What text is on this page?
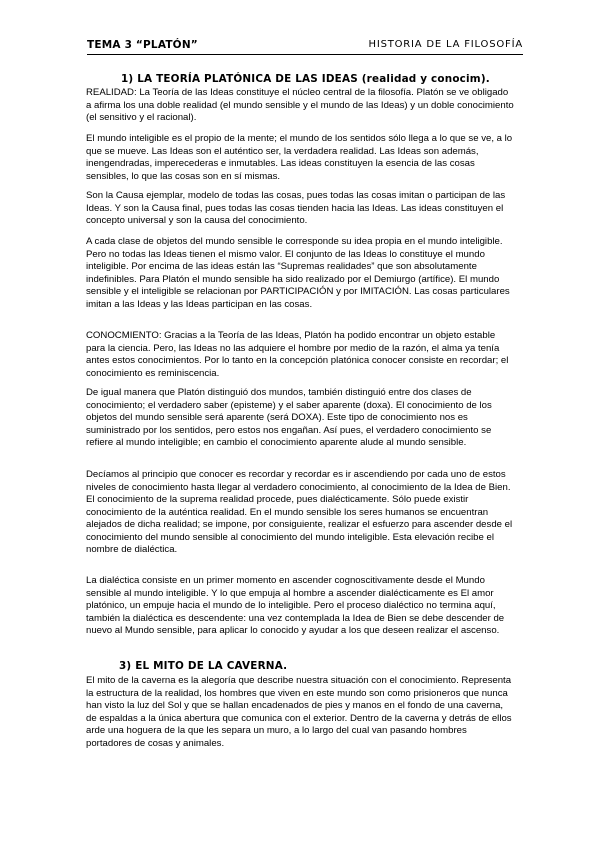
TEMA 3 “PLATÓN”	HISTORIA DE LA FILOSOFÍA
1) LA TEORÍA PLATÓNICA DE LAS IDEAS (realidad y conocim).

REALIDAD: La Teoría de las Ideas constituye el núcleo central de la filosofía. Platón se ve obligado a afirma los una doble realidad (el mundo sensible y el mundo de las Ideas) y un doble conocimiento (el sensitivo y el racional).

El mundo inteligible es el propio de la mente; el mundo de los sentidos sólo llega a lo que se ve, a lo que se mueve. Las Ideas son el auténtico ser, la verdadera realidad. Las Ideas son además, inengendradas, imperecederas e inmutables. Las ideas constituyen la esencia de las cosas sensibles, lo que las cosas son en sí mismas.

Son la Causa ejemplar, modelo de todas las cosas, pues todas las cosas imitan o participan de las Ideas. Y son la Causa final, pues todas las cosas tienden hacia las Ideas. Las ideas constituyen el concepto universal y son la causa del conocimiento.

A cada clase de objetos del mundo sensible le corresponde su idea propia en el mundo inteligible. Pero no todas las Ideas tienen el mismo valor. El conjunto de las Ideas lo constituye el mundo inteligible. Por encima de las ideas están las “Supremas realidades” que son absolutamente indefinibles. Para Platón el mundo sensible ha sido realizado por el Demiurgo (artífice). El mundo sensible y el inteligible se relacionan por PARTICIPACIÓN y por IMITACIÓN. Las cosas particulares imitan a las Ideas y las Ideas participan en las cosas.

CONOCMIENTO: Gracias a la Teoría de las Ideas, Platón ha podido encontrar un objeto estable para la ciencia. Pero, las Ideas no las adquiere el hombre por medio de la razón, el alma ya tenía antes estos conocimientos. Por lo tanto en la concepción platónica conocer consiste en recordar; el conocimiento es reminiscencia.

De igual manera que Platón distinguió dos mundos, también distinguió entre dos clases de conocimiento; el verdadero saber (episteme) y el saber aparente (doxa). El conocimiento de los objetos del mundo sensible será aparente (será DOXA). Este tipo de conocimiento nos es suministrado por los sentidos, pero estos nos engañan. Así pues, el verdadero conocimiento se refiere al mundo inteligible; en cambio el conocimiento aparente alude al mundo sensible.

Decíamos al principio que conocer es recordar y recordar es ir ascendiendo por cada uno de estos niveles de conocimiento hasta llegar al verdadero conocimiento, al conocimiento de la Idea de Bien. El conocimiento de la suprema realidad procede, pues dialécticamente. Sólo puede existir conocimiento de la auténtica realidad. En el mundo sensible los seres humanos se encuentran alejados de dicha realidad; se impone, por consiguiente, realizar el esfuerzo para ascender desde el conocimiento del mundo sensible al conocimiento del mundo inteligible. Esta elevación recibe el nombre de dialéctica.

La dialéctica consiste en un primer momento en ascender cognoscitivamente desde el Mundo sensible al mundo inteligible. Y lo que empuja al hombre a ascender dialécticamente es El amor platónico, un empuje hacia el mundo de lo inteligible. Pero el proceso dialéctico no termina aquí, también la dialéctica es descendente: una vez contemplada la Idea de Bien se debe descender de nuevo al Mundo sensible, para aplicar lo conocido y ayudar a los que deseen realizar el ascenso.

3) EL MITO DE LA CAVERNA.

El mito de la caverna es la alegoría que describe nuestra situación con el conocimiento. Representa la estructura de la realidad, los hombres que viven en este mundo son como prisioneros que nunca han visto la luz del Sol y que se hallan encadenados de pies y manos en el fondo de una caverna, de espaldas a la única abertura que comunica con el exterior. Dentro de la caverna y detrás de ellos arde una hoguera de la que les separa un muro, a lo largo del cual van pasando hombres portadores de cosas y animales.
